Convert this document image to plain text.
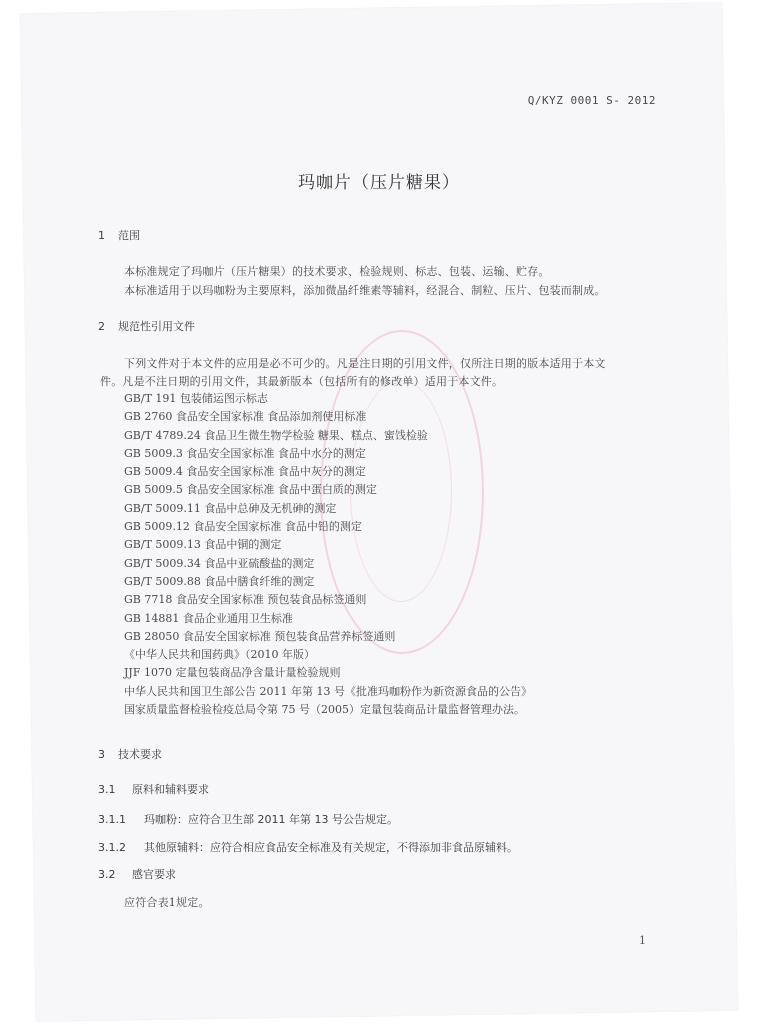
Q/KYZ 0001 S- 2012
玛咖片（压片糖果）
1 范围
本标准规定了玛咖片（压片糖果）的技术要求、检验规则、标志、包装、运输、贮存。
本标准适用于以玛咖粉为主要原料，添加微晶纤维素等辅料，经混合、制粒、压片、包装而制成。
2 规范性引用文件
下列文件对于本文件的应用是必不可少的。凡是注日期的引用文件，仅所注日期的版本适用于本文
件。凡是不注日期的引用文件，其最新版本（包括所有的修改单）适用于本文件。
GB/T 191 包装储运图示标志
GB 2760 食品安全国家标准 食品添加剂使用标准
GB/T 4789.24 食品卫生微生物学检验 糖果、糕点、蜜饯检验
GB 5009.3 食品安全国家标准 食品中水分的测定
GB 5009.4 食品安全国家标准 食品中灰分的测定
GB 5009.5 食品安全国家标准 食品中蛋白质的测定
GB/T 5009.11 食品中总砷及无机砷的测定
GB 5009.12 食品安全国家标准 食品中铅的测定
GB/T 5009.13 食品中铜的测定
GB/T 5009.34 食品中亚硫酸盐的测定
GB/T 5009.88 食品中膳食纤维的测定
GB 7718 食品安全国家标准 预包装食品标签通则
GB 14881 食品企业通用卫生标准
GB 28050 食品安全国家标准 预包装食品营养标签通则
《中华人民共和国药典》（2010 年版）
JJF 1070 定量包装商品净含量计量检验规则
中华人民共和国卫生部公告 2011 年第 13 号《批准玛咖粉作为新资源食品的公告》
国家质量监督检验检疫总局令第 75 号（2005）定量包装商品计量监督管理办法。
3 技术要求
3.1 原料和辅料要求
3.1.1 玛咖粉：应符合卫生部 2011 年第 13 号公告规定。
3.1.2 其他原辅料：应符合相应食品安全标准及有关规定，不得添加非食品原辅料。
3.2 感官要求
应符合表1规定。
1
